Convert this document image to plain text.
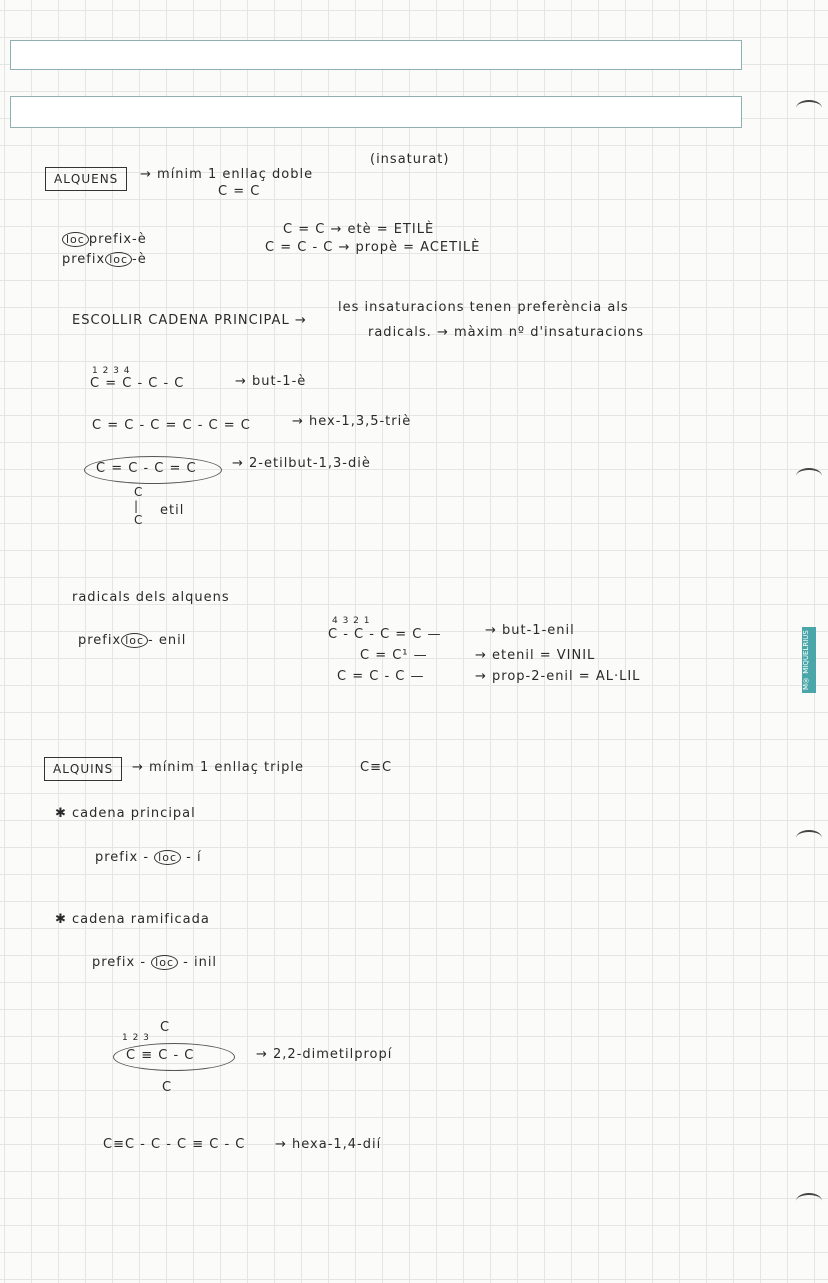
M® MIQUELRIUS
ALQUENS	→ mínim 1 enllaç doble
(insaturat)
C = C
loc prefix-è
prefix loc -è
C = C → etè = ETILÈ
C = C - C → propè = ACETILÈ
ESCOLLIR CADENA PRINCIPAL →
les insaturacions tenen preferència als
radicals. → màxim nº d'insaturacions
1 2 3 4
C = C - C - C	→ but-1-è
C = C - C = C - C = C	→ hex-1,3,5-triè
C = C - C = C	→ 2-etilbut-1,3-diè
C
|
C
etil
radicals dels alquens
prefix loc - enil
4 3 2 1
C - C - C = C —	→ but-1-enil
C = C¹ —	→ etenil = VINIL
C = C - C —	→ prop-2-enil = AL·LIL
ALQUINS	→ mínim 1 enllaç triple	C≡C
✱ cadena principal
prefix - loc - í
✱ cadena ramificada
prefix - loc - inil
C
1 2 3
C ≡ C - C
C
→ 2,2-dimetilpropí
C≡C - C - C ≡ C - C → hexa-1,4-dií
